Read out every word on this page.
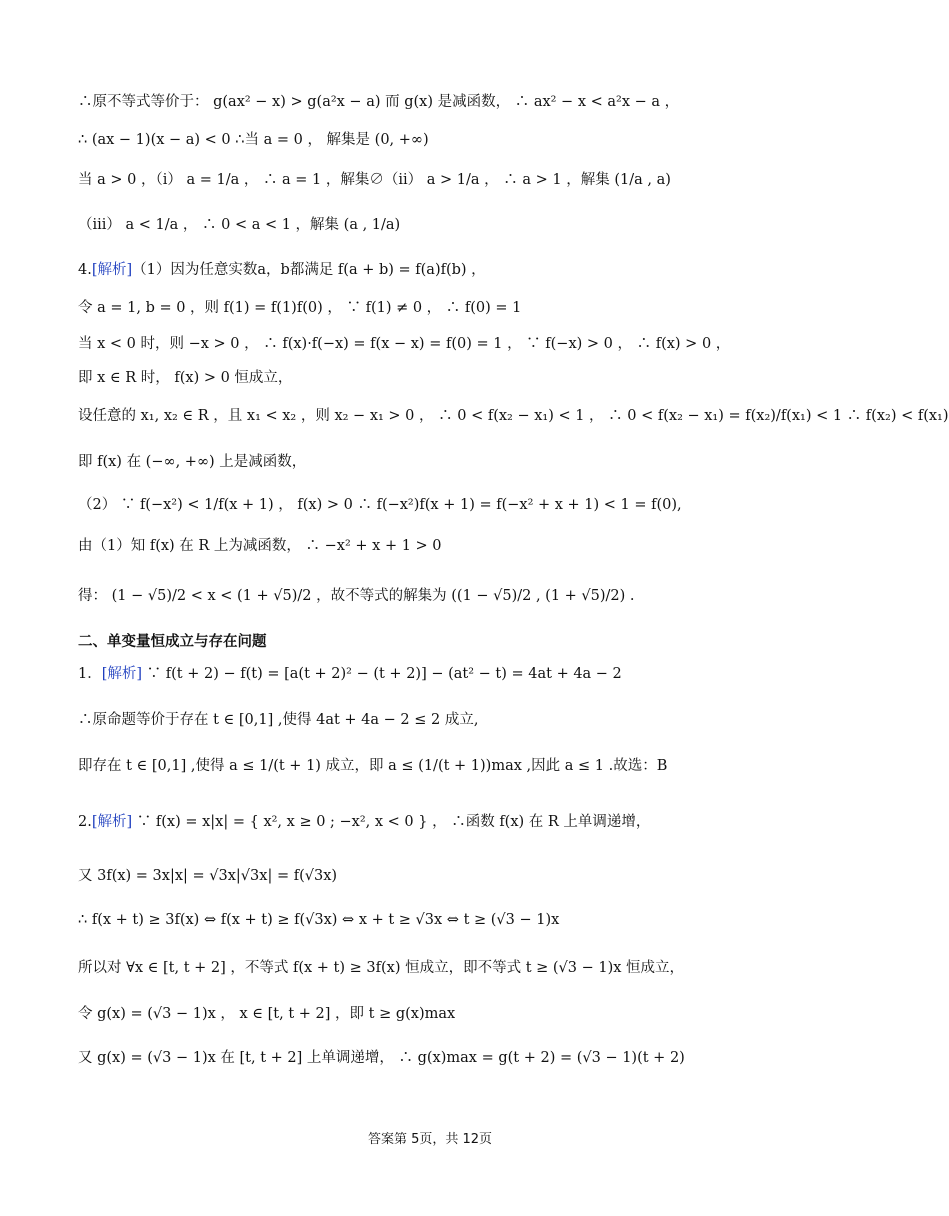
∴原不等式等价于： g(ax² − x) > g(a²x − a) 而 g(x) 是减函数， ∴ ax² − x < a²x − a ，
∴ (ax − 1)(x − a) < 0 ∴当 a = 0 ， 解集是 (0, +∞)
当 a > 0 ，（i） a = 1/a ， ∴ a = 1 ，解集∅（ii） a > 1/a ， ∴ a > 1 ，解集 (1/a , a)
（iii） a < 1/a ， ∴ 0 < a < 1 ，解集 (a , 1/a)
4.[解析]（1）因为任意实数a，b都满足 f(a + b) = f(a)f(b) ，
令 a = 1, b = 0 ，则 f(1) = f(1)f(0) ， ∵ f(1) ≠ 0 ， ∴ f(0) = 1
当 x < 0 时，则 −x > 0 ， ∴ f(x)·f(−x) = f(x − x) = f(0) = 1 ， ∵ f(−x) > 0 ， ∴ f(x) > 0 ，
即 x ∈ R 时， f(x) > 0 恒成立，
设任意的 x₁, x₂ ∈ R ，且 x₁ < x₂ ，则 x₂ − x₁ > 0 ， ∴ 0 < f(x₂ − x₁) < 1 ， ∴ 0 < f(x₂ − x₁) = f(x₂)/f(x₁) < 1 ∴ f(x₂) < f(x₁)
即 f(x) 在 (−∞, +∞) 上是减函数，
（2） ∵ f(−x²) < 1/f(x + 1) ， f(x) > 0 ∴ f(−x²)f(x + 1) = f(−x² + x + 1) < 1 = f(0),
由（1）知 f(x) 在 R 上为减函数， ∴ −x² + x + 1 > 0
得： (1 − √5)/2 < x < (1 + √5)/2 ，故不等式的解集为 ((1 − √5)/2 , (1 + √5)/2) .
二、单变量恒成立与存在问题
1．[解析] ∵ f(t + 2) − f(t) = [a(t + 2)² − (t + 2)] − (at² − t) = 4at + 4a − 2
∴原命题等价于存在 t ∈ [0,1] ,使得 4at + 4a − 2 ≤ 2 成立,
即存在 t ∈ [0,1] ,使得 a ≤ 1/(t + 1) 成立，即 a ≤ (1/(t + 1))max ,因此 a ≤ 1 .故选：B
2.[解析] ∵ f(x) = x|x| = { x², x ≥ 0 ; −x², x < 0 } ， ∴函数 f(x) 在 R 上单调递增，
又 3f(x) = 3x|x| = √3x|√3x| = f(√3x)
∴ f(x + t) ≥ 3f(x) ⇔ f(x + t) ≥ f(√3x) ⇔ x + t ≥ √3x ⇔ t ≥ (√3 − 1)x
所以对 ∀x ∈ [t, t + 2] ，不等式 f(x + t) ≥ 3f(x) 恒成立，即不等式 t ≥ (√3 − 1)x 恒成立，
令 g(x) = (√3 − 1)x ， x ∈ [t, t + 2] ，即 t ≥ g(x)max
又 g(x) = (√3 − 1)x 在 [t, t + 2] 上单调递增， ∴ g(x)max = g(t + 2) = (√3 − 1)(t + 2)
答案第 5页，共 12页
